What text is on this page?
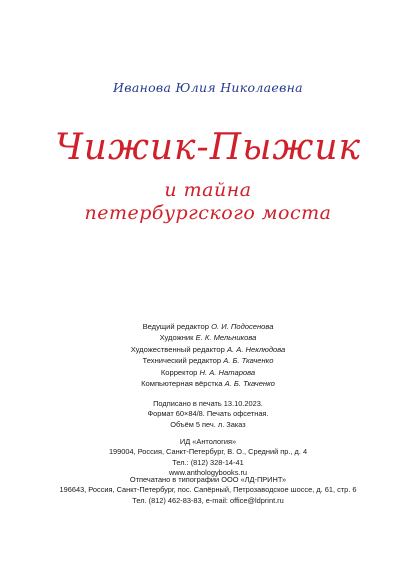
Иванова Юлия Николаевна
Чижик-Пыжик
и тайна
петербургского моста
Ведущий редактор О. И. Подосенова
Художник Е. К. Мельникова
Художественный редактор А. А. Неклюдова
Технический редактор А. Б. Ткаченко
Корректор Н. А. Натарова
Компьютерная вёрстка А. Б. Ткаченко
Подписано в печать 13.10.2023.
Формат 60×84/8. Печать офсетная.
Объём 5 печ. л. Заказ
ИД «Антология»
199004, Россия, Санкт-Петербург, В. О., Средний пр., д. 4
Тел.: (812) 328-14-41
www.anthologybooks.ru
Отпечатано в типографии ООО «ЛД-ПРИНТ»
196643, Россия, Санкт-Петербург, пос. Сапёрный, Петрозаводское шоссе, д. 61, стр. 6
Тел. (812) 462-83-83, e-mail: office@ldprint.ru
